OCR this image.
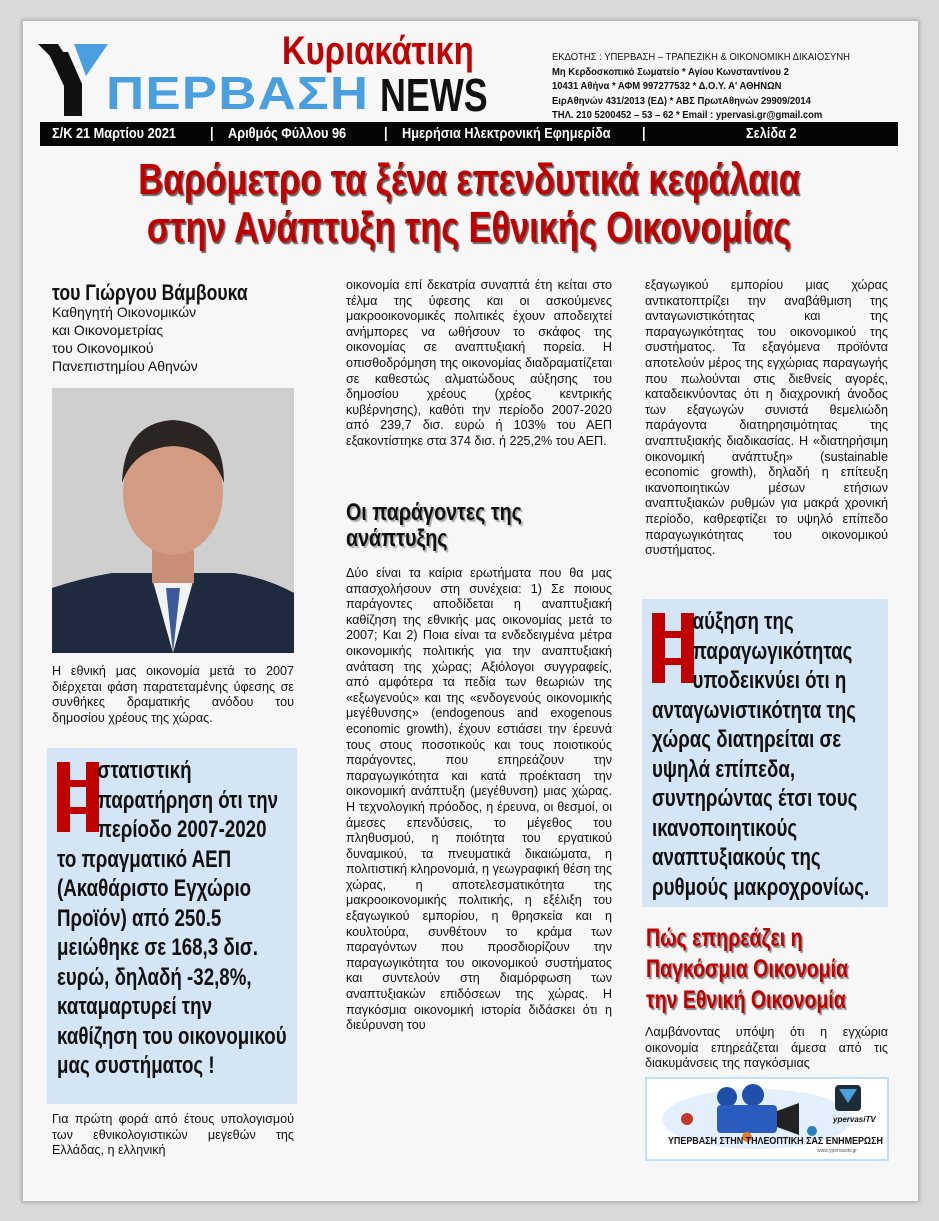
Κυριακάτικη
ΠΕΡΒΑΣΗ NEWS
ΕΚΔΟΤΗΣ : ΥΠΕΡΒΑΣΗ – ΤΡΑΠΕΖΙΚΗ & ΟΙΚΟΝΟΜΙΚΗ ΔΙΚΑΙΟΣΥΝΗ
Μη Κερδοσκοπικό Σωματείο * Αγίου Κωνσταντίνου 2
10431 Αθήνα * ΑΦΜ 997277532 * Δ.Ο.Υ. Α' ΑΘΗΝΩΝ
ΕιρΑθηνών 431/2013 (ΕΔ) * ΑΒΣ ΠρωτΑθηνών 29909/2014
ΤΗΛ. 210 5200452 – 53 – 62 * Email : ypervasi.gr@gmail.com
Σ/Κ 21 Μαρτίου 2021 | Αριθμός Φύλλου 96	| Ημερήσια Ηλεκτρονική Εφημερίδα |	Σελίδα 2
Βαρόμετρο τα ξένα επενδυτικά κεφάλαια
στην Ανάπτυξη της Εθνικής Οικονομίας
του Γιώργου Βάμβουκα
Καθηγητή Οικονομικών
και Οικονομετρίας
του Οικονομικού
Πανεπιστημίου Αθηνών
Η εθνική μας οικονομία μετά το 2007 διέρχεται φάση παρατεταμένης ύφεσης σε συνθήκες δραματικής ανόδου του δημοσίου χρέους της χώρας.
στατιστική παρατήρηση ότι την περίοδο 2007-2020 το πραγματικό ΑΕΠ (Ακαθάριστο Εγχώριο Προϊόν) από 250.5 μειώθηκε σε 168,3 δισ. ευρώ, δηλαδή -32,8%, καταμαρτυρεί την καθίζηση του οικονομικού μας συστήματος !
Για πρώτη φορά από έτους υπολογισμού των εθνικολογιστικών μεγεθών της Ελλάδας, η ελληνική
οικονομία επί δεκατρία συναπτά έτη κείται στο τέλμα της ύφεσης και οι ασκούμενες μακροοικονομικές πολιτικές έχουν αποδειχτεί ανήμπορες να ωθήσουν το σκάφος της οικονομίας σε αναπτυξιακή πορεία. Η οπισθοδρόμηση της οικονομίας διαδραματίζεται σε καθεστώς αλματώδους αύξησης του δημοσίου χρέους (χρέος κεντρικής κυβέρνησης), καθότι την περίοδο 2007-2020 από 239,7 δισ. ευρώ ή 103% του ΑΕΠ εξακοντίστηκε στα 374 δισ. ή 225,2% του ΑΕΠ.
Οι παράγοντες της
ανάπτυξης
Δύο είναι τα καίρια ερωτήματα που θα μας απασχολήσουν στη συνέχεια: 1) Σε ποιους παράγοντες αποδίδεται η αναπτυξιακή καθίζηση της εθνικής μας οικονομίας μετά το 2007; Και 2) Ποια είναι τα ενδεδειγμένα μέτρα οικονομικής πολιτικής για την αναπτυξιακή ανάταση της χώρας; Αξιόλογοι συγγραφείς, από αμφότερα τα πεδία των θεωριών της «εξωγενούς» και της «ενδογενούς οικονομικής μεγέθυνσης» (endogenous and exogenous economic growth), έχουν εστιάσει την έρευνά τους στους ποσοτικούς και τους ποιοτικούς παράγοντες, που επηρεάζουν την παραγωγικότητα και κατά προέκταση την οικονομική ανάπτυξη (μεγέθυνση) μιας χώρας. Η τεχνολογική πρόοδος, η έρευνα, οι θεσμοί, οι άμεσες επενδύσεις, το μέγεθος του πληθυσμού, η ποιότητα του εργατικού δυναμικού, τα πνευματικά δικαιώματα, η πολιτιστική κληρονομιά, η γεωγραφική θέση της χώρας, η αποτελεσματικότητα της μακροοικονομικής πολιτικής, η εξέλιξη του εξαγωγικού εμπορίου, η θρησκεία και η κουλτούρα, συνθέτουν το κράμα των παραγόντων που προσδιορίζουν την παραγωγικότητα του οικονομικού συστήματος και συντελούν στη διαμόρφωση των αναπτυξιακών επιδόσεων της χώρας. Η παγκόσμια οικονομική ιστορία διδάσκει ότι η διεύρυνση του
εξαγωγικού εμπορίου μιας χώρας αντικατοπτρίζει την αναβάθμιση της ανταγωνιστικότητας και της παραγωγικότητας του οικονομικού της συστήματος. Τα εξαγόμενα προϊόντα αποτελούν μέρος της εγχώριας παραγωγής που πωλούνται στις διεθνείς αγορές, καταδεικνύοντας ότι η διαχρονική άνοδος των εξαγωγών συνιστά θεμελιώδη παράγοντα διατηρησιμότητας της αναπτυξιακής διαδικασίας. Η «διατηρήσιμη οικονομική ανάπτυξη» (sustainable economic growth), δηλαδή η επίτευξη ικανοποιητικών μέσων ετήσιων αναπτυξιακών ρυθμών για μακρά χρονική περίοδο, καθρεφτίζει το υψηλό επίπεδο παραγωγικότητας του οικονομικού συστήματος.
αύξηση της παραγωγικότητας υποδεικνύει ότι η ανταγωνιστικότητα της χώρας διατηρείται σε υψηλά επίπεδα, συντηρώντας έτσι τους ικανοποιητικούς αναπτυξιακούς της ρυθμούς μακροχρονίως.
Πώς επηρεάζει η
Παγκόσμια Οικονομία
την Εθνική Οικονομία
Λαμβάνοντας υπόψη ότι η εγχώρια οικονομία επηρεάζεται άμεσα από τις διακυμάνσεις της παγκόσμιας
ypervasiTV
ΥΠΕΡΒΑΣΗ ΣΤΗΝ ΤΗΛΕΟΠΤΙΚΗ ΣΑΣ ΕΝΗΜΕΡΩΣΗ
www.ypervasitv.gr
